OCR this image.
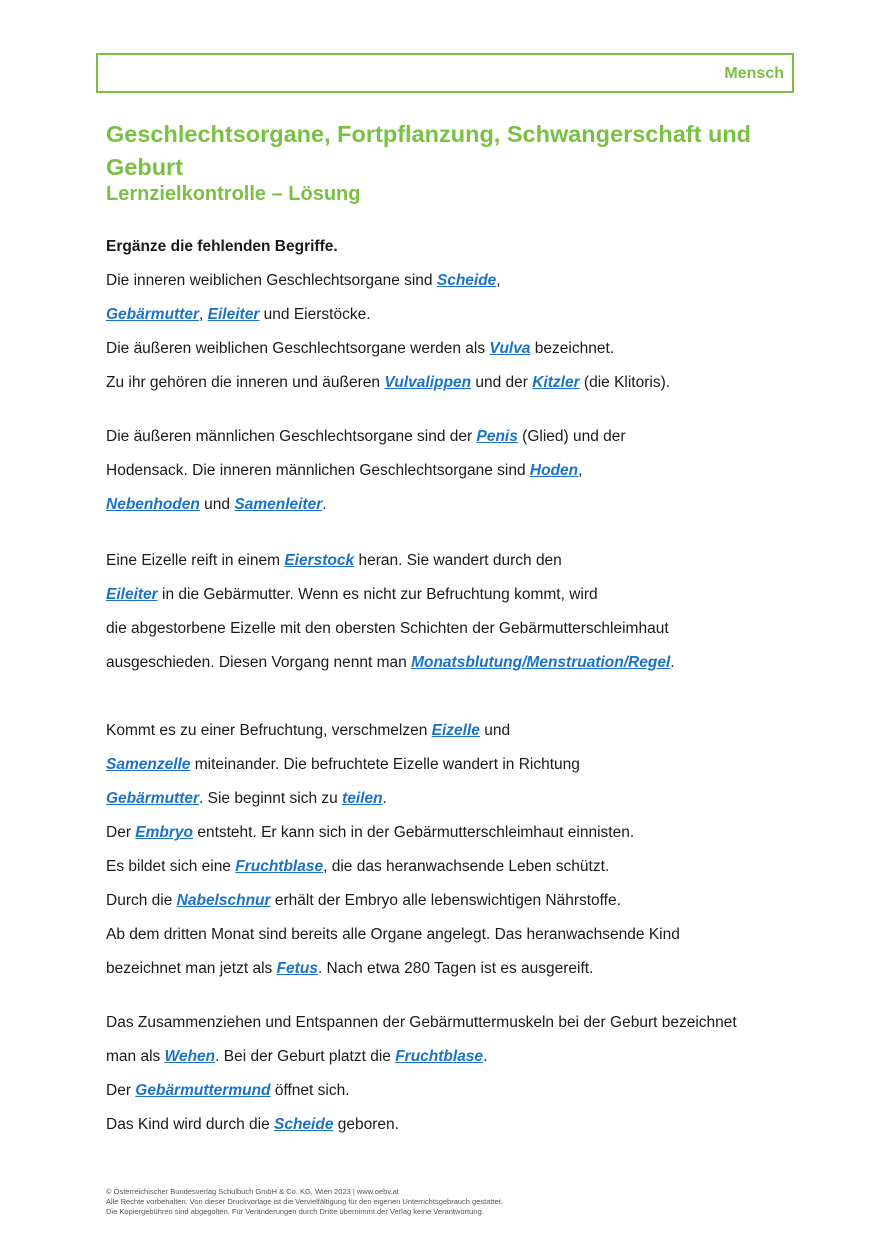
Mensch
Geschlechtsorgane, Fortpflanzung, Schwangerschaft und Geburt
Lernzielkontrolle – Lösung
Ergänze die fehlenden Begriffe.
Die inneren weiblichen Geschlechtsorgane sind Scheide,
Gebärmutter, Eileiter und Eierstöcke.
Die äußeren weiblichen Geschlechtsorgane werden als Vulva bezeichnet.
Zu ihr gehören die inneren und äußeren Vulvalippen und der Kitzler (die Klitoris).
Die äußeren männlichen Geschlechtsorgane sind der Penis (Glied) und der
Hodensack. Die inneren männlichen Geschlechtsorgane sind Hoden,
Nebenhoden und Samenleiter.
Eine Eizelle reift in einem Eierstock heran. Sie wandert durch den
Eileiter in die Gebärmutter. Wenn es nicht zur Befruchtung kommt, wird
die abgestorbene Eizelle mit den obersten Schichten der Gebärmutterschleimhaut
ausgeschieden. Diesen Vorgang nennt man Monatsblutung/Menstruation/Regel.
Kommt es zu einer Befruchtung, verschmelzen Eizelle und
Samenzelle miteinander. Die befruchtete Eizelle wandert in Richtung
Gebärmutter. Sie beginnt sich zu teilen.
Der Embryo entsteht. Er kann sich in der Gebärmutterschleimhaut einnisten.
Es bildet sich eine Fruchtblase, die das heranwachsende Leben schützt.
Durch die Nabelschnur erhält der Embryo alle lebenswichtigen Nährstoffe.
Ab dem dritten Monat sind bereits alle Organe angelegt. Das heranwachsende Kind
bezeichnet man jetzt als Fetus. Nach etwa 280 Tagen ist es ausgereift.
Das Zusammenziehen und Entspannen der Gebärmuttermuskeln bei der Geburt bezeichnet
man als Wehen. Bei der Geburt platzt die Fruchtblase.
Der Gebärmuttermund öffnet sich.
Das Kind wird durch die Scheide geboren.
© Österreichischer Bundesverlag Schulbuch GmbH & Co. KG, Wien 2023 | www.oebv.at
Alle Rechte vorbehalten. Von dieser Druckvorlage ist die Vervielfältigung für den eigenen Unterrichtsgebrauch gestattet.
Die Kopiergebühren sind abgegolten. Für Veränderungen durch Dritte übernimmt der Verlag keine Verantwortung.
